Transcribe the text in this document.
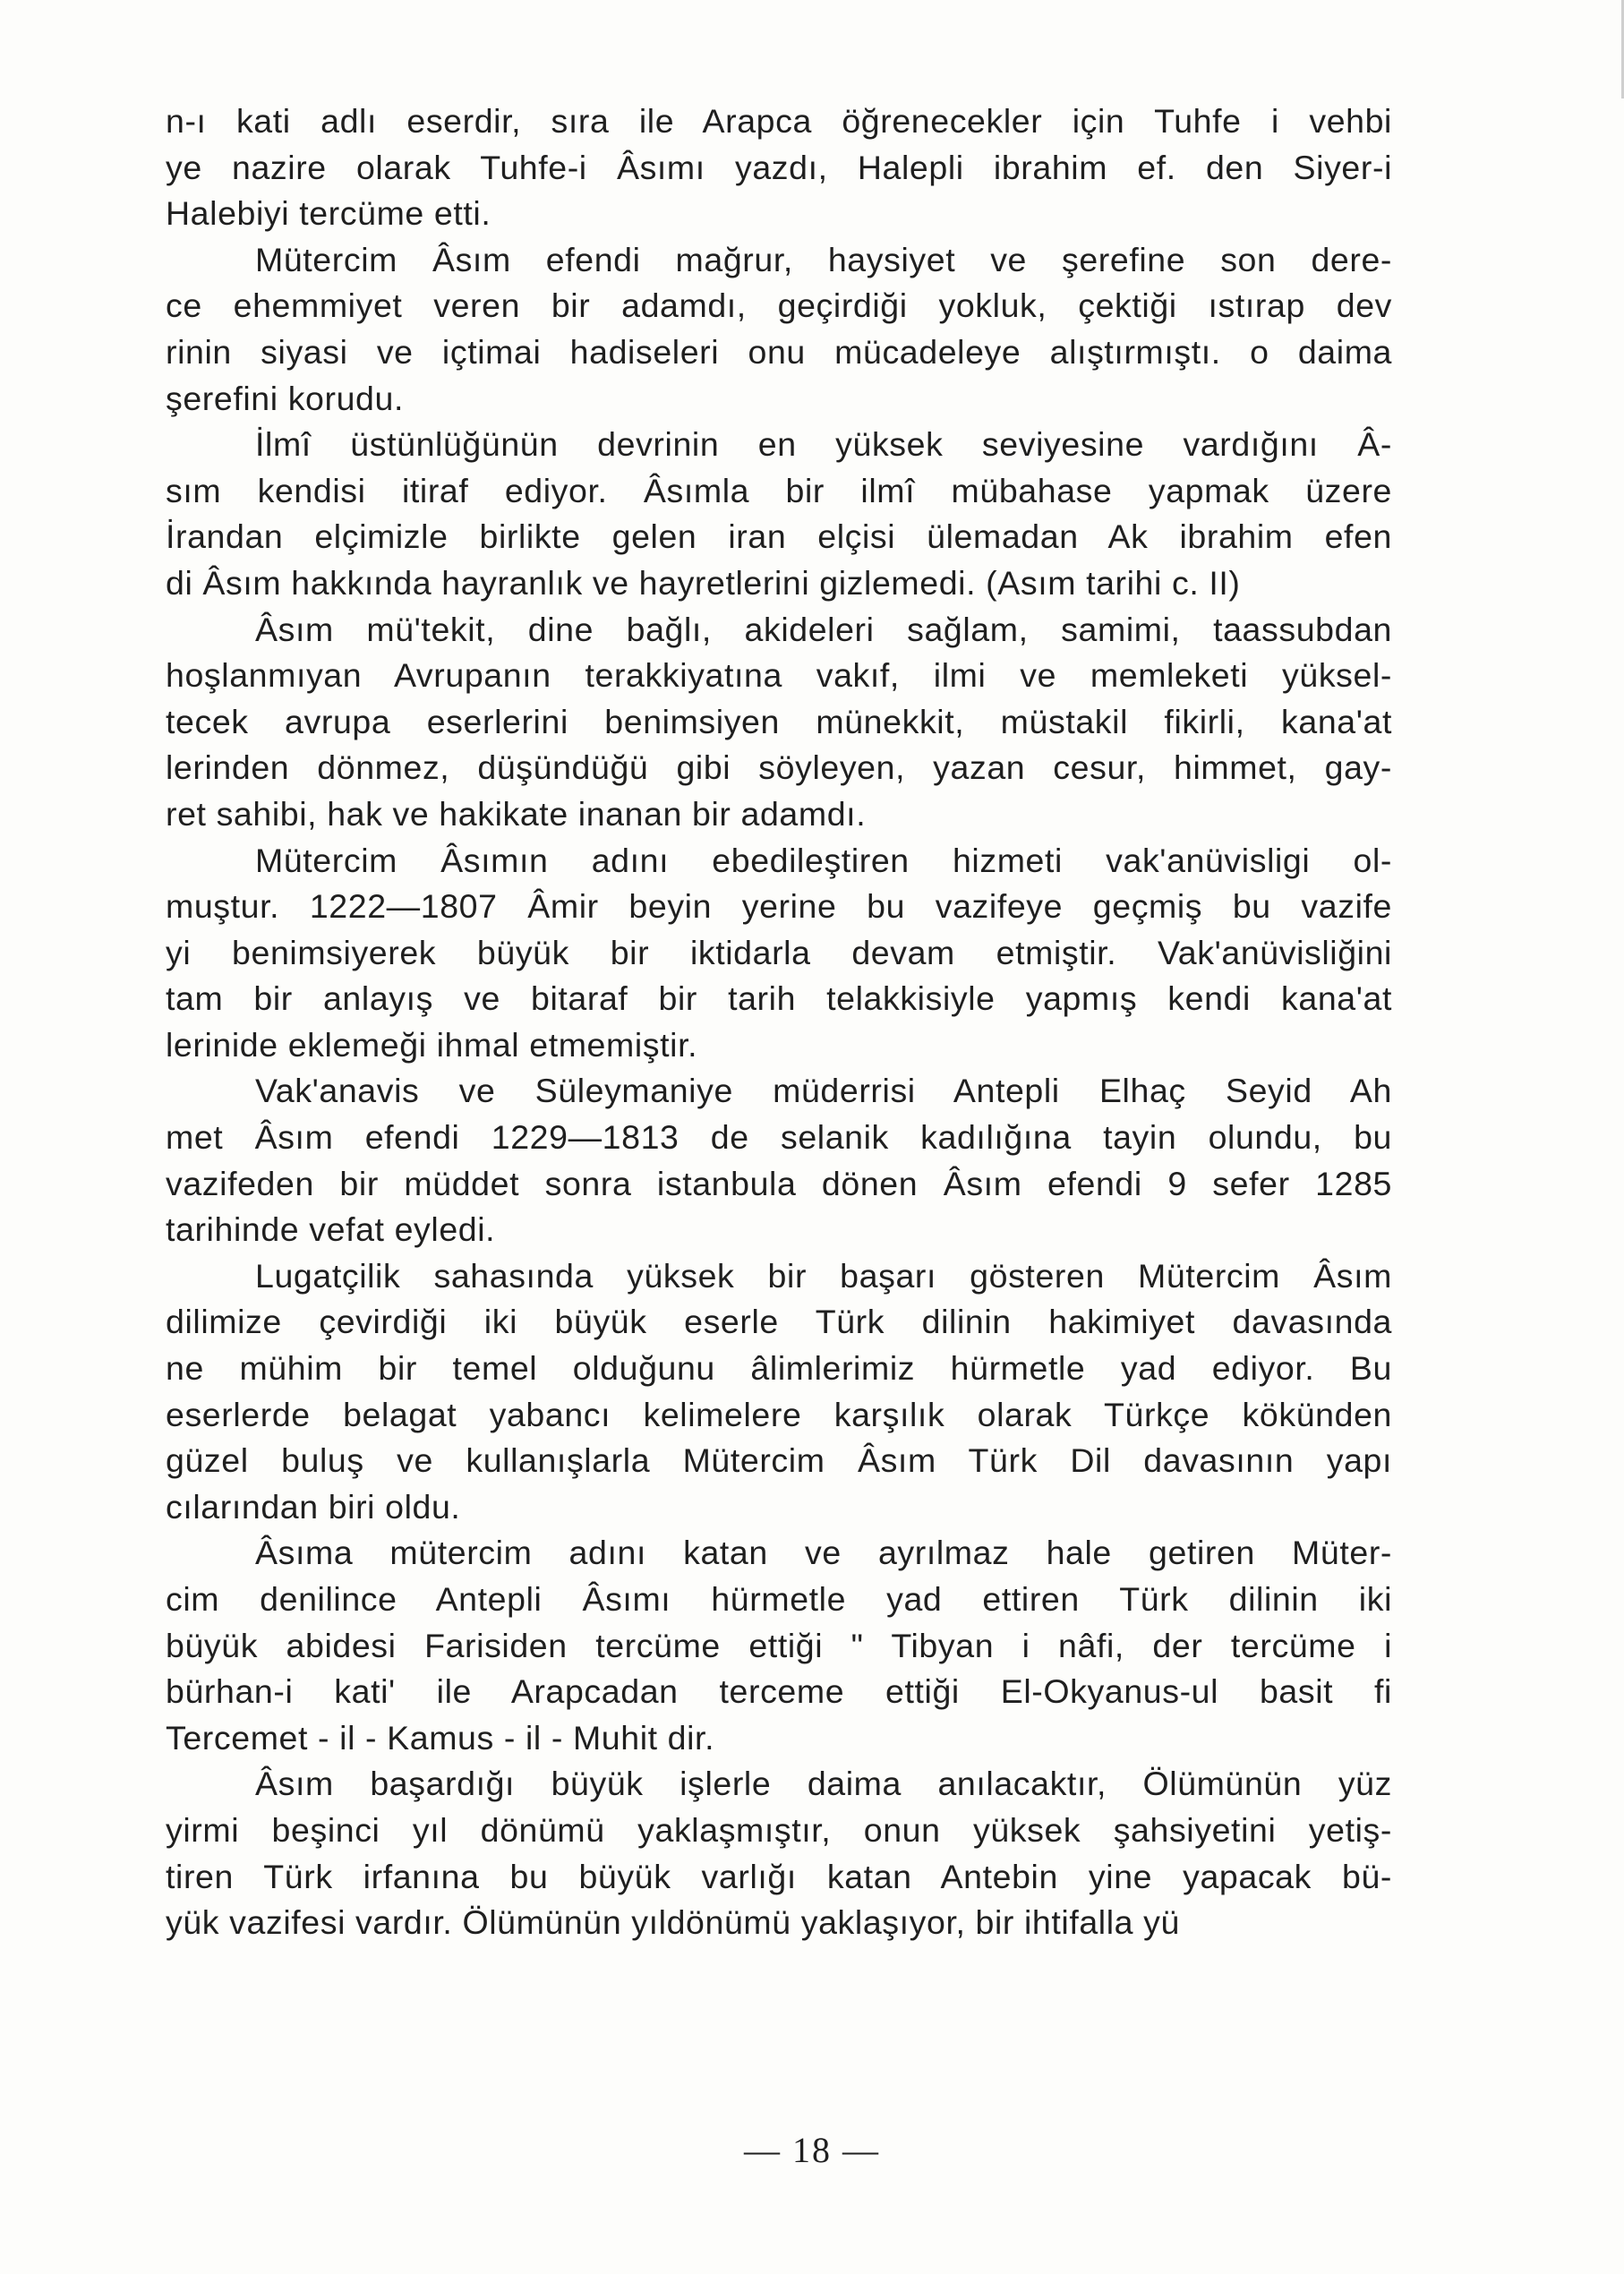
n-ı kati adlı eserdir, sıra ile Arapca öğrenecekler için Tuhfe i vehbi
ye nazire olarak Tuhfe-i Âsımı yazdı, Halepli ibrahim ef. den Siyer-i
Halebiyi tercüme etti.
Mütercim Âsım efendi mağrur, haysiyet ve şerefine son dere-
ce ehemmiyet veren bir adamdı, geçirdiği yokluk, çektiği ıstırap dev
rinin siyasi ve içtimai hadiseleri onu mücadeleye alıştırmıştı. o daima
şerefini korudu.
İlmî üstünlüğünün devrinin en yüksek seviyesine vardığını Â-
sım kendisi itiraf ediyor. Âsımla bir ilmî mübahase yapmak üzere
İrandan elçimizle birlikte gelen iran elçisi ülemadan Ak ibrahim efen
di Âsım hakkında hayranlık ve hayretlerini gizlemedi. (Asım tarihi c. II)
Âsım mü'tekit, dine bağlı, akideleri sağlam, samimi, taassubdan
hoşlanmıyan Avrupanın terakkiyatına vakıf, ilmi ve memleketi yüksel-
tecek avrupa eserlerini benimsiyen münekkit, müstakil fikirli, kana'at
lerinden dönmez, düşündüğü gibi söyleyen, yazan cesur, himmet, gay-
ret sahibi, hak ve hakikate inanan bir adamdı.
Mütercim Âsımın adını ebedileştiren hizmeti vak'anüvisligi ol-
muştur. 1222—1807 Âmir beyin yerine bu vazifeye geçmiş bu vazife
yi benimsiyerek büyük bir iktidarla devam etmiştir. Vak'anüvisliğini
tam bir anlayış ve bitaraf bir tarih telakkisiyle yapmış kendi kana'at
lerinide eklemeği ihmal etmemiştir.
Vak'anavis ve Süleymaniye müderrisi Antepli Elhaç Seyid Ah
met Âsım efendi 1229—1813 de selanik kadılığına tayin olundu, bu
vazifeden bir müddet sonra istanbula dönen Âsım efendi 9 sefer 1285
tarihinde vefat eyledi.
Lugatçilik sahasında yüksek bir başarı gösteren Mütercim Âsım
dilimize çevirdiği iki büyük eserle Türk dilinin hakimiyet davasında
ne mühim bir temel olduğunu âlimlerimiz hürmetle yad ediyor. Bu
eserlerde belagat yabancı kelimelere karşılık olarak Türkçe kökünden
güzel buluş ve kullanışlarla Mütercim Âsım Türk Dil davasının yapı
cılarından biri oldu.
Âsıma mütercim adını katan ve ayrılmaz hale getiren Müter-
cim denilince Antepli Âsımı hürmetle yad ettiren Türk dilinin iki
büyük abidesi Farisiden tercüme ettiği " Tibyan i nâfi, der tercüme i
bürhan-i kati' ile Arapcadan tercеme ettiği El-Okyanus-ul basit fi
Tercemet - il - Kamus - il - Muhit dir.
Âsım başardığı büyük işlerle daima anılacaktır, Ölümünün yüz
yirmi beşinci yıl dönümü yaklaşmıştır, onun yüksek şahsiyetini yetiş-
tiren Türk irfanına bu büyük varlığı katan Antebin yine yapacak bü-
yük vazifesi vardır. Ölümünün yıldönümü yaklaşıyor, bir ihtifalla yü
— 18 —
